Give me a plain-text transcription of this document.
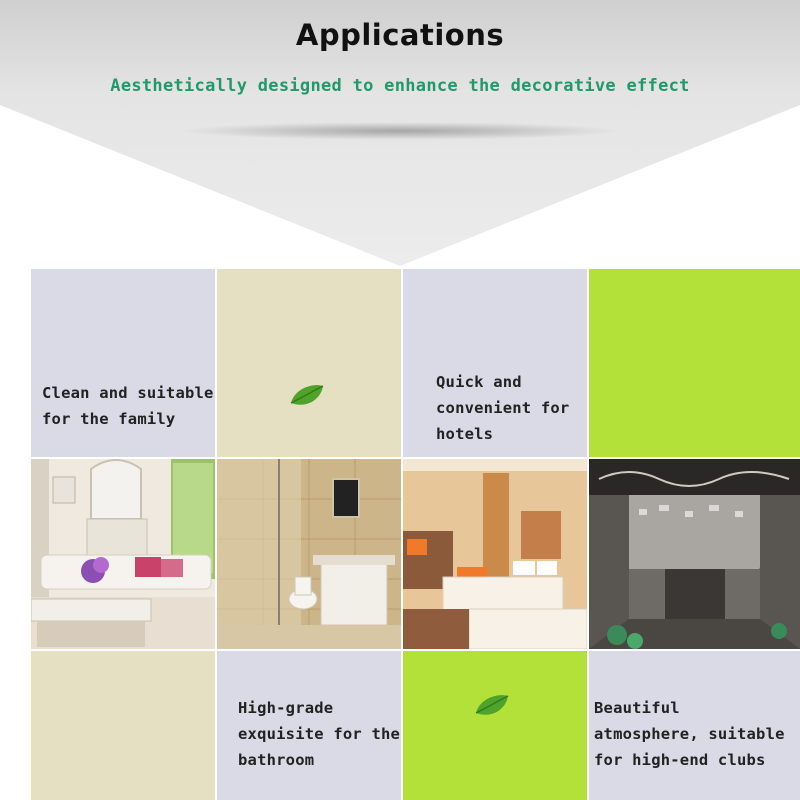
Applications
Aesthetically designed to enhance the decorative effect
Clean and suitable
for the family
Quick and
convenient for
hotels
High-grade
exquisite for the
bathroom
Beautiful
atmosphere, suitable
for high-end clubs
